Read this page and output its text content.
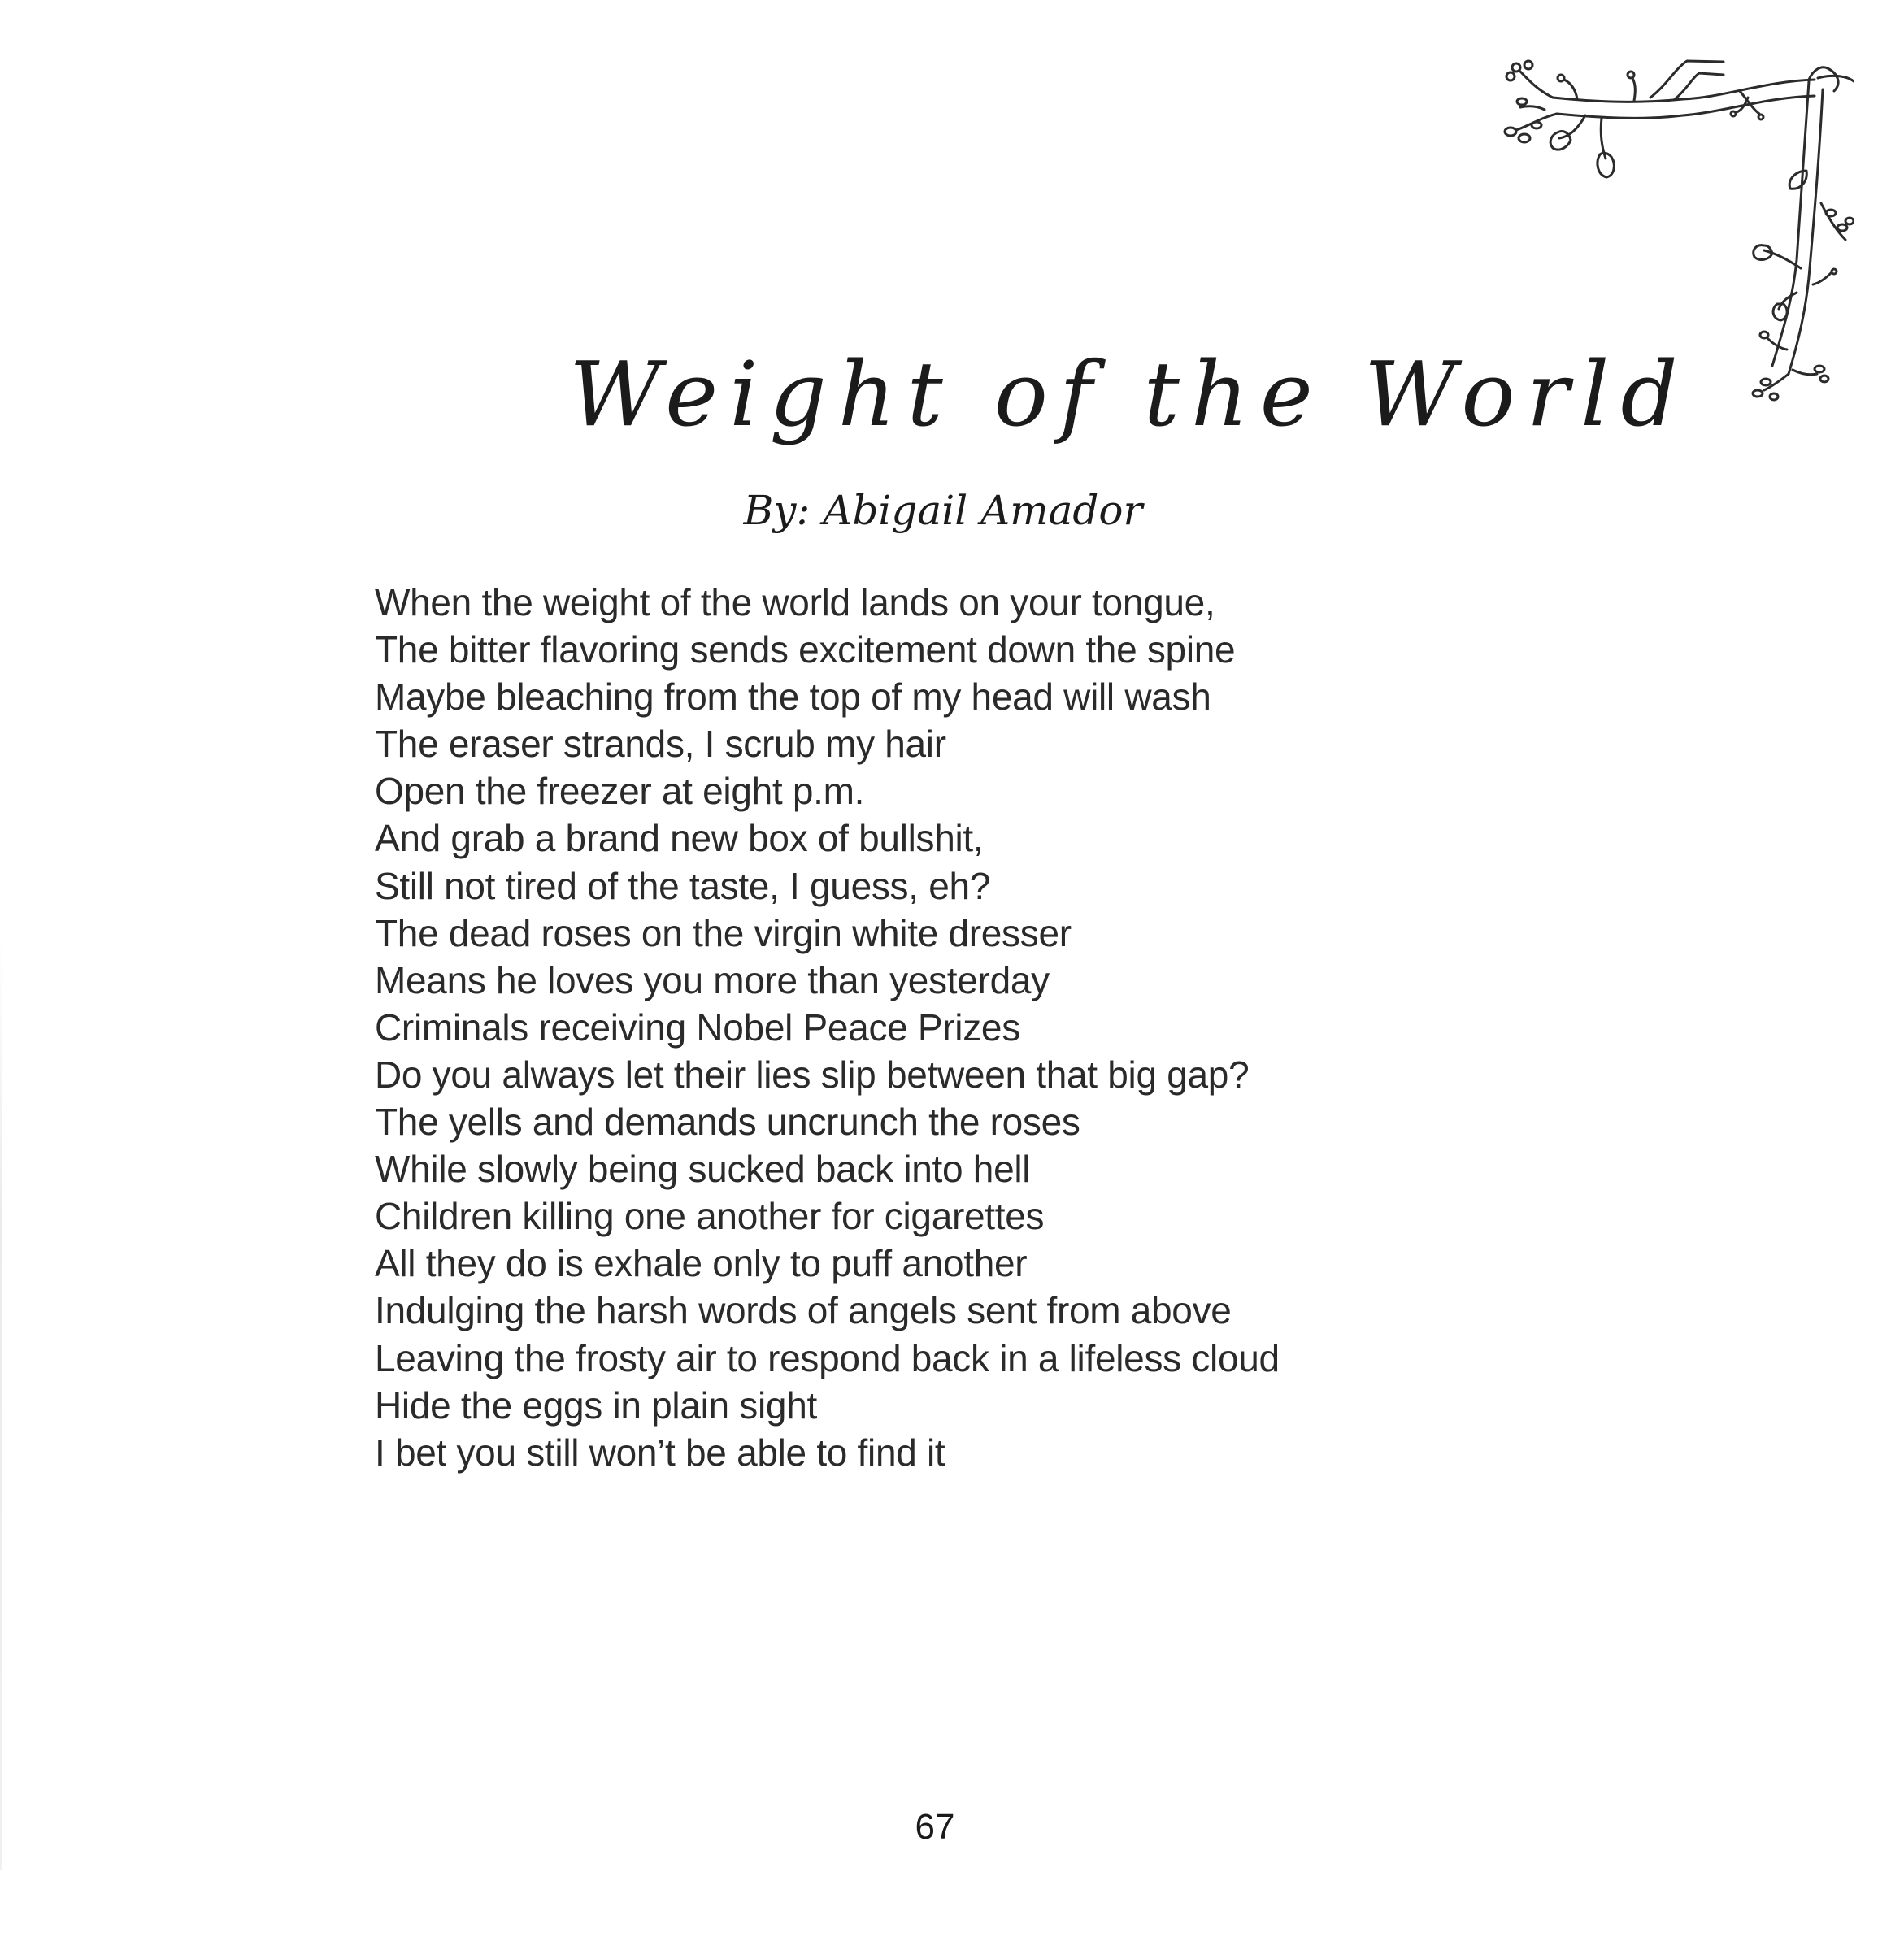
Weight of the World
By: Abigail Amador
When the weight of the world lands on your tongue,
The bitter flavoring sends excitement down the spine
Maybe bleaching from the top of my head will wash
The eraser strands, I scrub my hair
Open the freezer at eight p.m.
And grab a brand new box of bullshit,
Still not tired of the taste, I guess, eh?
The dead roses on the virgin white dresser
Means he loves you more than yesterday
Criminals receiving Nobel Peace Prizes
Do you always let their lies slip between that big gap?
The yells and demands uncrunch the roses
While slowly being sucked back into hell
Children killing one another for cigarettes
All they do is exhale only to puff another
Indulging the harsh words of angels sent from above
Leaving the frosty air to respond back in a lifeless cloud
Hide the eggs in plain sight
I bet you still won’t be able to find it
67
